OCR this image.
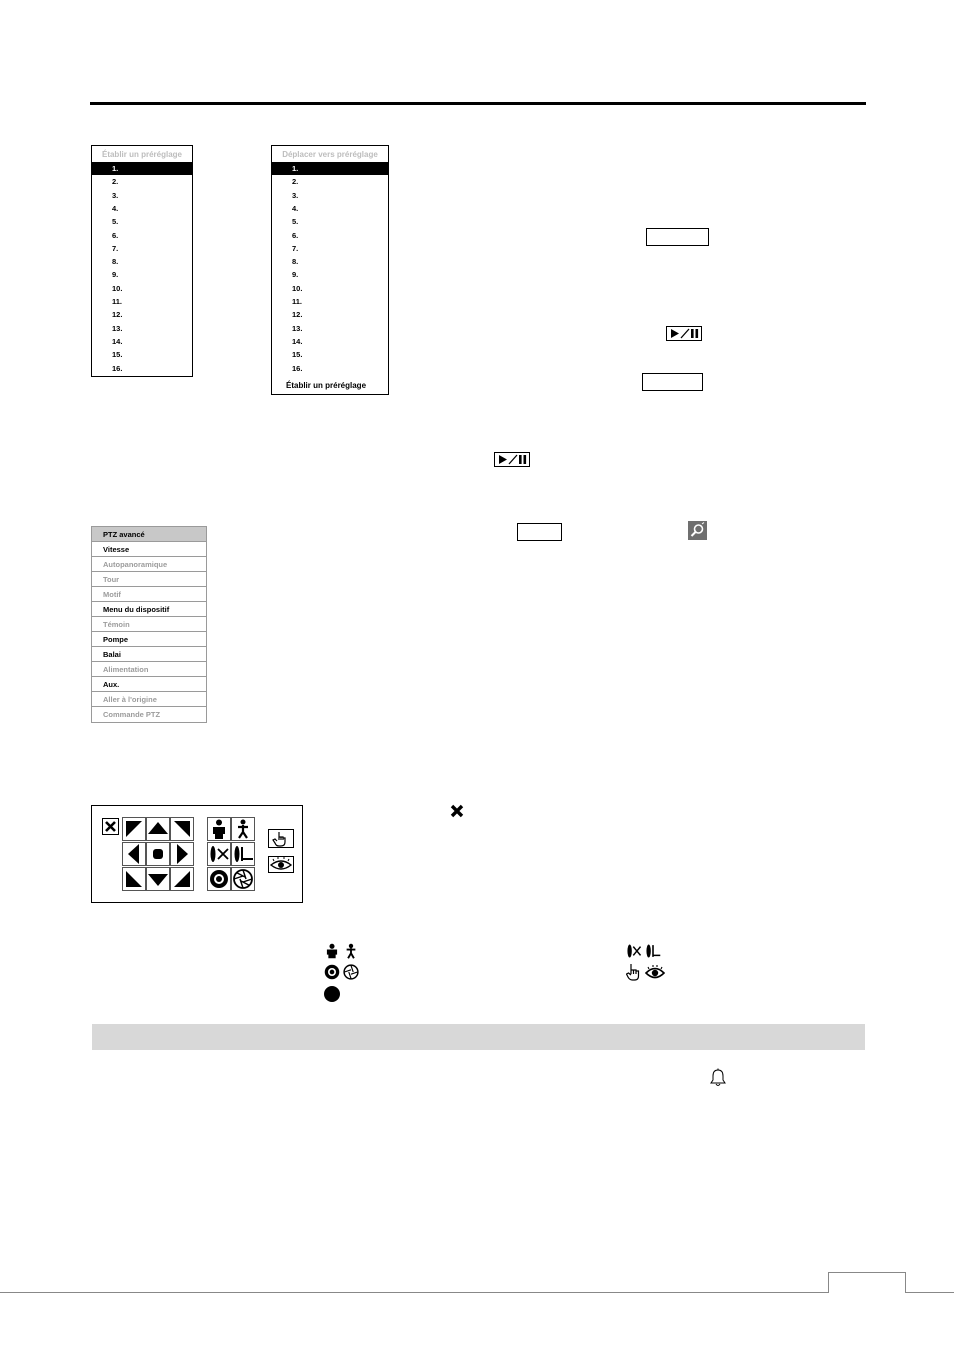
Établir un préréglage
1.
2.
3.
4.
5.
6.
7.
8.
9.
10.
11.
12.
13.
14.
15.
16.
Déplacer vers préréglage
1.
2.
3.
4.
5.
6.
7.
8.
9.
10.
11.
12.
13.
14.
15.
16.
Établir un préréglage
PTZ avancé
Vitesse
Autopanoramique
Tour
Motif
Menu du dispositif
Témoin
Pompe
Balai
Alimentation
Aux.
Aller à l'origine
Commande PTZ
